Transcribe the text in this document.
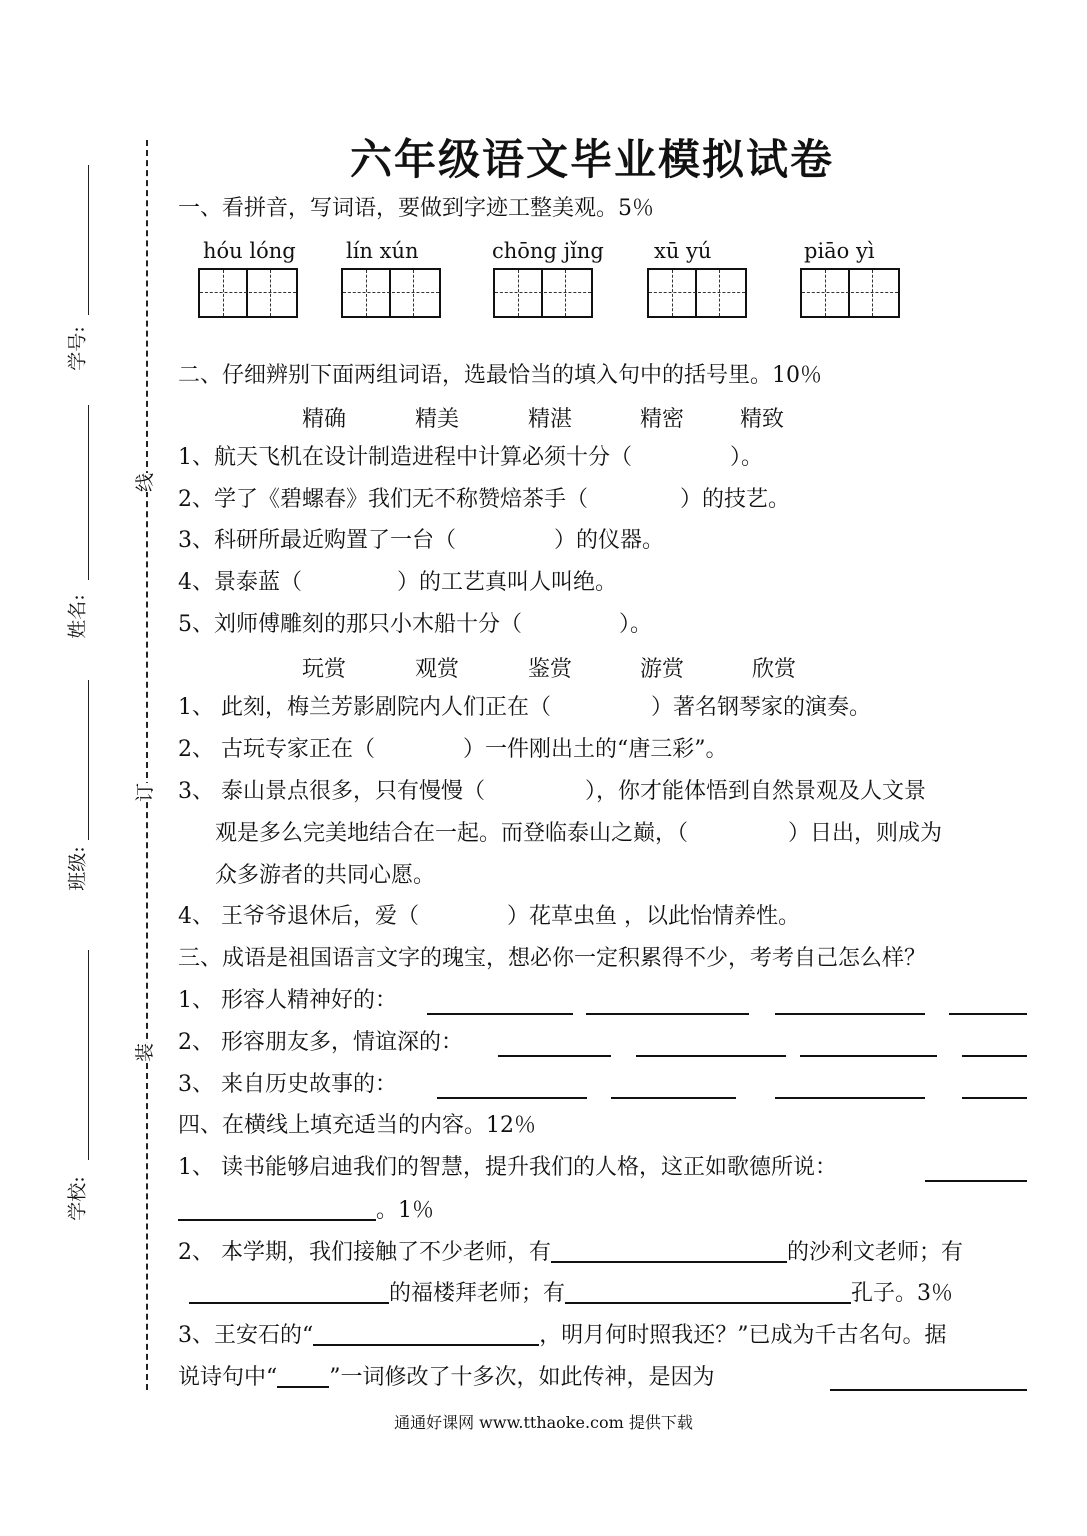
学号:
姓名:
班级:
学校:
线
订
装
六年级语文毕业模拟试卷
一、看拼音，写词语，要做到字迹工整美观。5％
hóu lóng lín xún	chōng jǐng xū yú	piāo yì
二、仔细辨别下面两组词语，选最恰当的填入句中的括号里。10％
精确	精美	精湛	精密	精致
1、航天飞机在设计制造进程中计算必须十分（	）。
2、学了《碧螺春》我们无不称赞焙茶手（	）的技艺。
3、科研所最近购置了一台（	）的仪器。
4、景泰蓝（	）的工艺真叫人叫绝。
5、刘师傅雕刻的那只小木船十分（	）。
玩赏	观赏	鉴赏	游赏	欣赏
1、 此刻，梅兰芳影剧院内人们正在（	）著名钢琴家的演奏。
2、 古玩专家正在（	）一件刚出土的“唐三彩”。
3、 泰山景点很多，只有慢慢（	），你才能体悟到自然景观及人文景
观是多么完美地结合在一起。而登临泰山之巅，（	）日出，则成为
众多游者的共同心愿。
4、 王爷爷退休后，爱（	）花草虫鱼 ，以此怡情养性。
三、成语是祖国语言文字的瑰宝，想必你一定积累得不少，考考自己怎么样？
1、 形容人精神好的：
2、 形容朋友多，情谊深的：
3、 来自历史故事的：
四、在横线上填充适当的内容。12％
1、 读书能够启迪我们的智慧，提升我们的人格，这正如歌德所说：
。1％
2、 本学期，我们接触了不少老师，有	的沙利文老师；有
的福楼拜老师；有	孔子。3％
3、王安石的“	，明月何时照我还？”已成为千古名句。据
说诗句中“ ”一词修改了十多次，如此传神，是因为
通通好课网 www.tthaoke.com 提供下载
